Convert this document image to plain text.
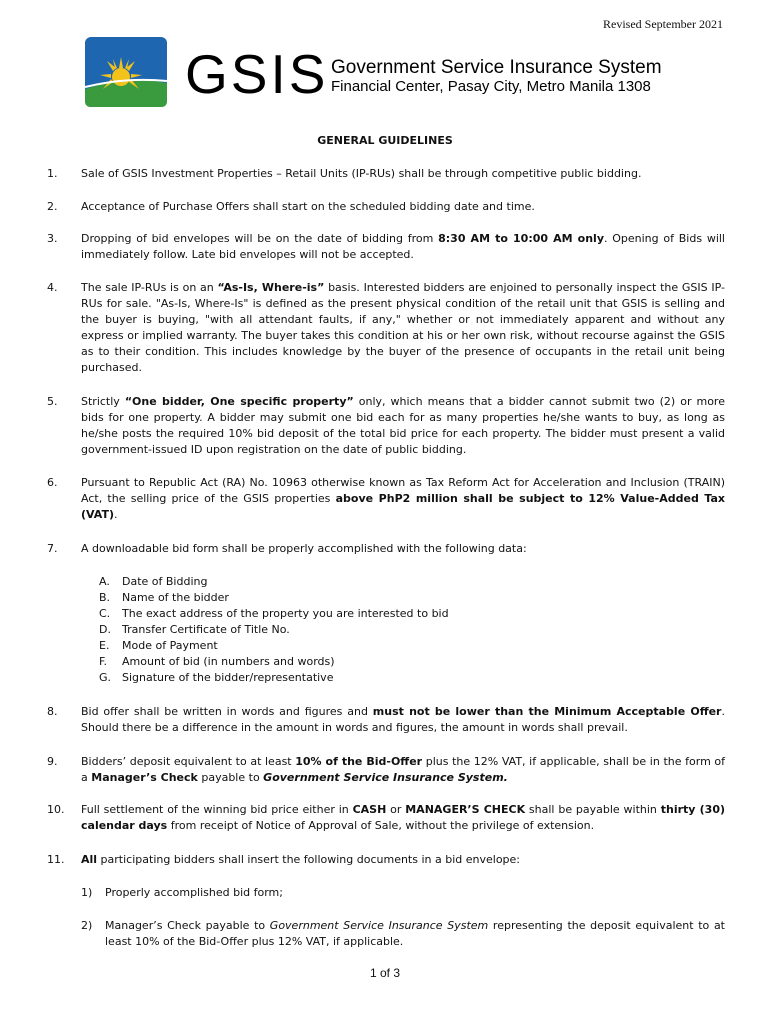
Revised September 2021
GSIS Government Service Insurance System
Financial Center, Pasay City, Metro Manila 1308
GENERAL GUIDELINES
1. Sale of GSIS Investment Properties – Retail Units (IP-RUs) shall be through competitive public bidding.
2. Acceptance of Purchase Offers shall start on the scheduled bidding date and time.
3. Dropping of bid envelopes will be on the date of bidding from 8:30 AM to 10:00 AM only. Opening of Bids will immediately follow. Late bid envelopes will not be accepted.
4. The sale IP-RUs is on an “As-Is, Where-is” basis. Interested bidders are enjoined to personally inspect the GSIS IP-RUs for sale. "As-Is, Where-Is" is defined as the present physical condition of the retail unit that GSIS is selling and the buyer is buying, "with all attendant faults, if any," whether or not immediately apparent and without any express or implied warranty. The buyer takes this condition at his or her own risk, without recourse against the GSIS as to their condition. This includes knowledge by the buyer of the presence of occupants in the retail unit being purchased.
5. Strictly “One bidder, One specific property” only, which means that a bidder cannot submit two (2) or more bids for one property. A bidder may submit one bid each for as many properties he/she wants to buy, as long as he/she posts the required 10% bid deposit of the total bid price for each property. The bidder must present a valid government-issued ID upon registration on the date of public bidding.
6. Pursuant to Republic Act (RA) No. 10963 otherwise known as Tax Reform Act for Acceleration and Inclusion (TRAIN) Act, the selling price of the GSIS properties above PhP2 million shall be subject to 12% Value-Added Tax (VAT).
7. A downloadable bid form shall be properly accomplished with the following data:
A. Date of Bidding
B. Name of the bidder
C. The exact address of the property you are interested to bid
D. Transfer Certificate of Title No.
E. Mode of Payment
F. Amount of bid (in numbers and words)
G. Signature of the bidder/representative
8. Bid offer shall be written in words and figures and must not be lower than the Minimum Acceptable Offer. Should there be a difference in the amount in words and figures, the amount in words shall prevail.
9. Bidders’ deposit equivalent to at least 10% of the Bid-Offer plus the 12% VAT, if applicable, shall be in the form of a Manager’s Check payable to Government Service Insurance System.
10. Full settlement of the winning bid price either in CASH or MANAGER’S CHECK shall be payable within thirty (30) calendar days from receipt of Notice of Approval of Sale, without the privilege of extension.
11. All participating bidders shall insert the following documents in a bid envelope:
1) Properly accomplished bid form;
2) Manager’s Check payable to Government Service Insurance System representing the deposit equivalent to at least 10% of the Bid-Offer plus 12% VAT, if applicable.
1 of 3
